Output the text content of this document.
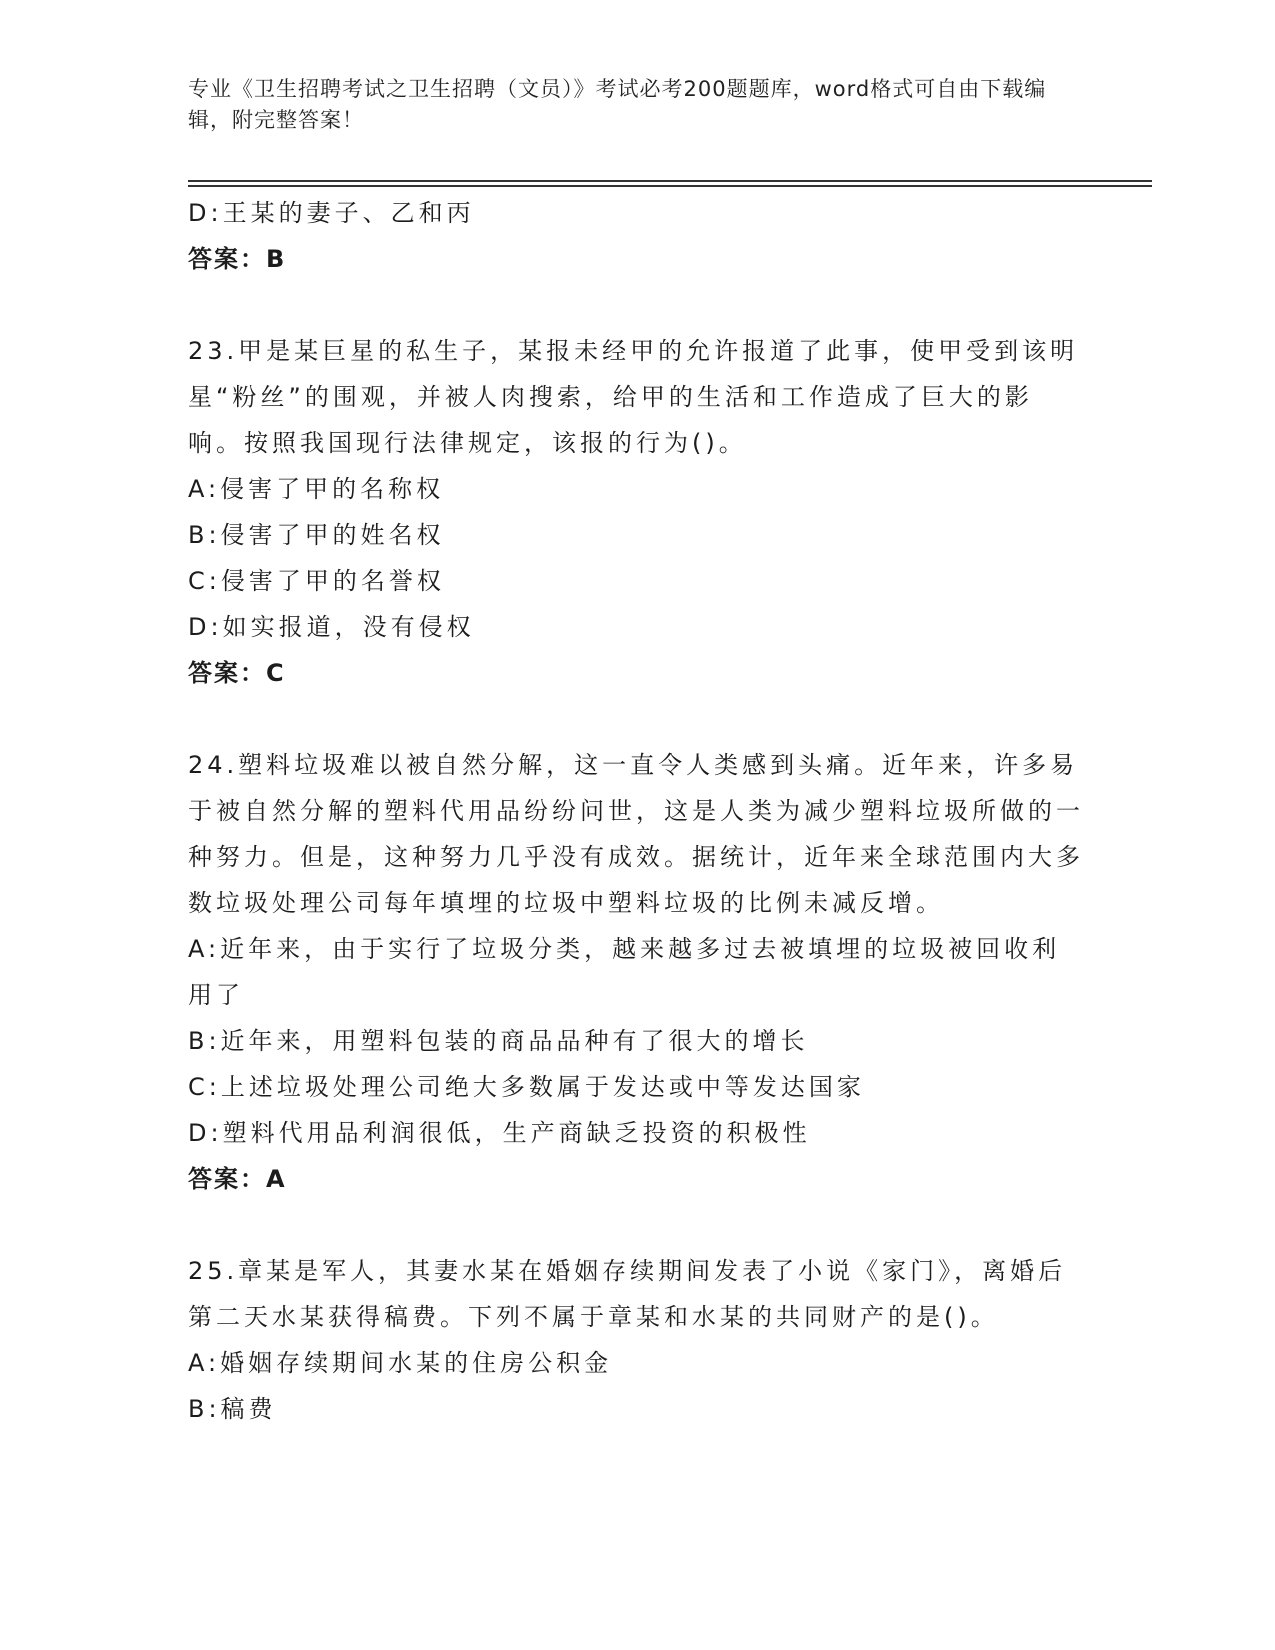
专业《卫生招聘考试之卫生招聘（文员）》考试必考200题题库，word格式可自由下载编辑，附完整答案！
D:王某的妻子、乙和丙
答案：B
23.甲是某巨星的私生子，某报未经甲的允许报道了此事，使甲受到该明星“粉丝”的围观，并被人肉搜索，给甲的生活和工作造成了巨大的影响。按照我国现行法律规定，该报的行为()。
A:侵害了甲的名称权
B:侵害了甲的姓名权
C:侵害了甲的名誉权
D:如实报道，没有侵权
答案：C
24.塑料垃圾难以被自然分解，这一直令人类感到头痛。近年来，许多易于被自然分解的塑料代用品纷纷问世，这是人类为减少塑料垃圾所做的一种努力。但是，这种努力几乎没有成效。据统计，近年来全球范围内大多数垃圾处理公司每年填埋的垃圾中塑料垃圾的比例未减反增。
A:近年来，由于实行了垃圾分类，越来越多过去被填埋的垃圾被回收利用了
B:近年来，用塑料包装的商品品种有了很大的增长
C:上述垃圾处理公司绝大多数属于发达或中等发达国家
D:塑料代用品利润很低，生产商缺乏投资的积极性
答案：A
25.章某是军人，其妻水某在婚姻存续期间发表了小说《家门》，离婚后第二天水某获得稿费。下列不属于章某和水某的共同财产的是()。
A:婚姻存续期间水某的住房公积金
B:稿费
